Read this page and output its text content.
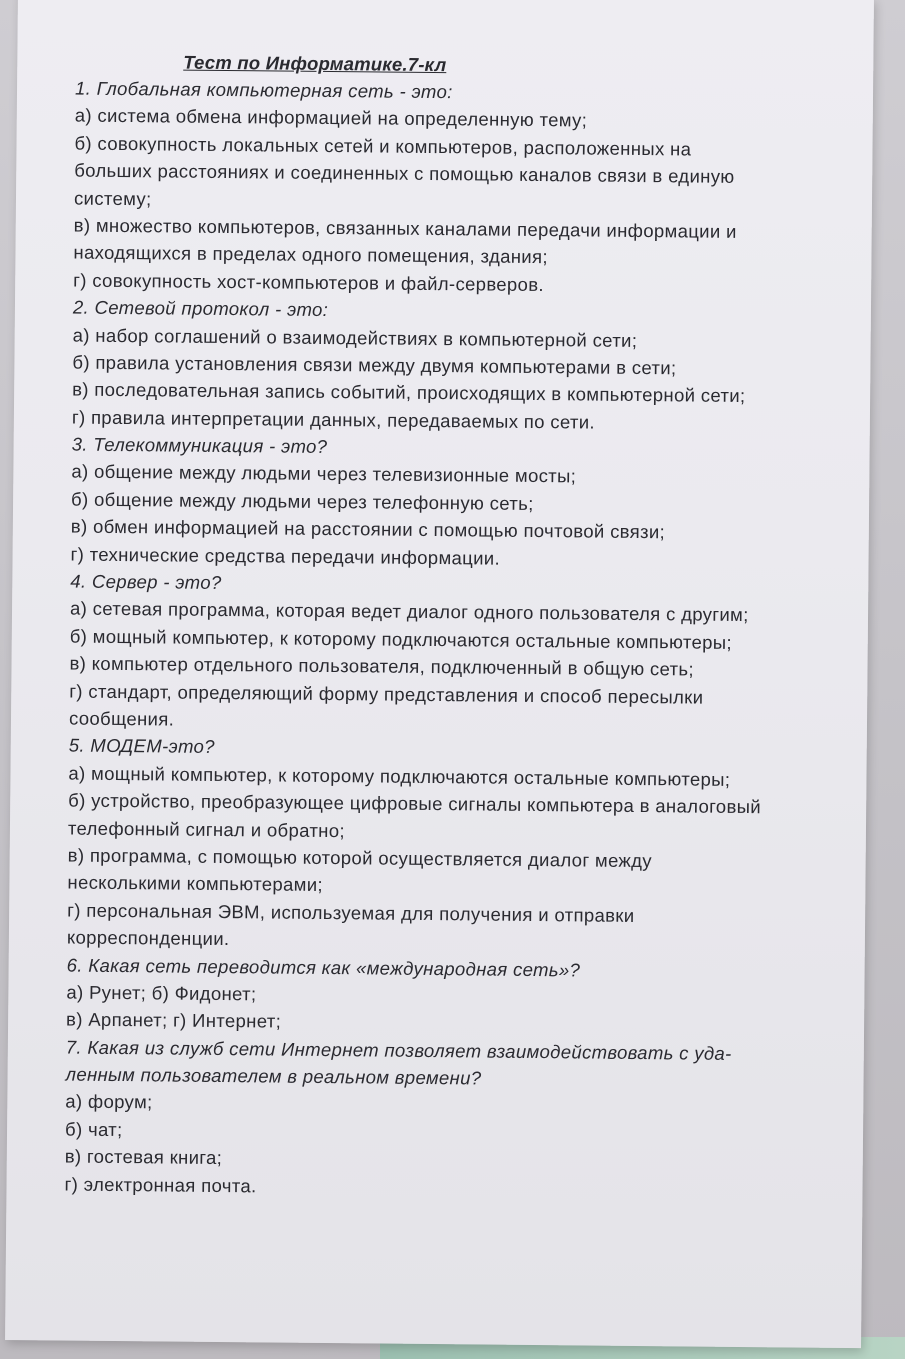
Тест по Информатике.7-кл
1. Глобальная компьютерная сеть - это:
а) система обмена информацией на определенную тему;
б) совокупность локальных сетей и компьютеров, расположенных на
больших расстояниях и соединенных с помощью каналов связи в единую
систему;
в) множество компьютеров, связанных каналами передачи информации и
находящихся в пределах одного помещения, здания;
г) совокупность хост-компьютеров и файл-серверов.
2. Сетевой протокол - это:
а) набор соглашений о взаимодействиях в компьютерной сети;
б) правила установления связи между двумя компьютерами в сети;
в) последовательная запись событий, происходящих в компьютерной сети;
г) правила интерпретации данных, передаваемых по сети.
3. Телекоммуникация - это?
а) общение между людьми через телевизионные мосты;
б) общение между людьми через телефонную сеть;
в) обмен информацией на расстоянии с помощью почтовой связи;
г) технические средства передачи информации.
4. Сервер - это?
а) сетевая программа, которая ведет диалог одного пользователя с другим;
б) мощный компьютер, к которому подключаются остальные компьютеры;
в) компьютер отдельного пользователя, подключенный в общую сеть;
г) стандарт, определяющий форму представления и способ пересылки
сообщения.
5. МОДЕМ-это?
а) мощный компьютер, к которому подключаются остальные компьютеры;
б) устройство, преобразующее цифровые сигналы компьютера в аналоговый
телефонный сигнал и обратно;
в) программа, с помощью которой осуществляется диалог между
несколькими компьютерами;
г) персональная ЭВМ, используемая для получения и отправки
корреспонденции.
6. Какая сеть переводится как «международная сеть»?
а) Рунет; б) Фидонет;
в) Арпанет; г) Интернет;
7. Какая из служб сети Интернет позволяет взаимодействовать с уда-
ленным пользователем в реальном времени?
а) форум;
б) чат;
в) гостевая книга;
г) электронная почта.
